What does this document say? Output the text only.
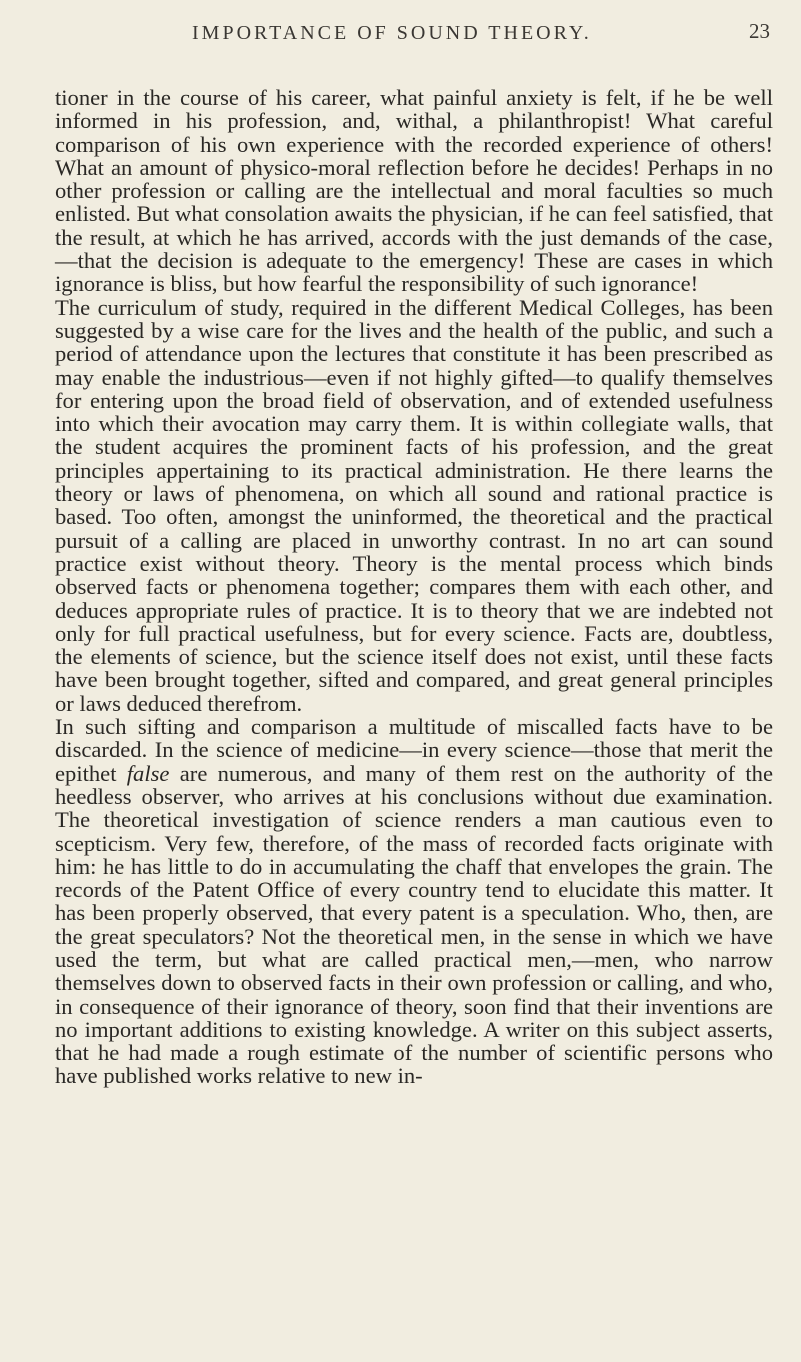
IMPORTANCE OF SOUND THEORY.	23

tioner in the course of his career, what painful anxiety is felt, if he be well informed in his profession, and, withal, a philanthropist! What careful comparison of his own experience with the recorded experience of others! What an amount of physico-moral reflection before he decides! Perhaps in no other profession or calling are the intellectual and moral faculties so much enlisted. But what consolation awaits the physician, if he can feel satisfied, that the result, at which he has arrived, accords with the just demands of the case,—that the decision is adequate to the emergency! These are cases in which ignorance is bliss, but how fearful the responsibility of such ignorance!

The curriculum of study, required in the different Medical Colleges, has been suggested by a wise care for the lives and the health of the public, and such a period of attendance upon the lectures that constitute it has been prescribed as may enable the industrious—even if not highly gifted—to qualify themselves for entering upon the broad field of observation, and of extended usefulness into which their avocation may carry them. It is within collegiate walls, that the student acquires the prominent facts of his profession, and the great principles appertaining to its practical administration. He there learns the theory or laws of phenomena, on which all sound and rational practice is based. Too often, amongst the uninformed, the theoretical and the practical pursuit of a calling are placed in unworthy contrast. In no art can sound practice exist without theory. Theory is the mental process which binds observed facts or phenomena together; compares them with each other, and deduces appropriate rules of practice. It is to theory that we are indebted not only for full practical usefulness, but for every science. Facts are, doubtless, the elements of science, but the science itself does not exist, until these facts have been brought together, sifted and compared, and great general principles or laws deduced therefrom.

In such sifting and comparison a multitude of miscalled facts have to be discarded. In the science of medicine—in every science—those that merit the epithet false are numerous, and many of them rest on the authority of the heedless observer, who arrives at his conclusions without due examination. The theoretical investigation of science renders a man cautious even to scepticism. Very few, therefore, of the mass of recorded facts originate with him: he has little to do in accumulating the chaff that envelopes the grain. The records of the Patent Office of every country tend to elucidate this matter. It has been properly observed, that every patent is a speculation. Who, then, are the great speculators? Not the theoretical men, in the sense in which we have used the term, but what are called practical men,—men, who narrow themselves down to observed facts in their own profession or calling, and who, in consequence of their ignorance of theory, soon find that their inventions are no important additions to existing knowledge. A writer on this subject asserts, that he had made a rough estimate of the number of scientific persons who have published works relative to new in-
